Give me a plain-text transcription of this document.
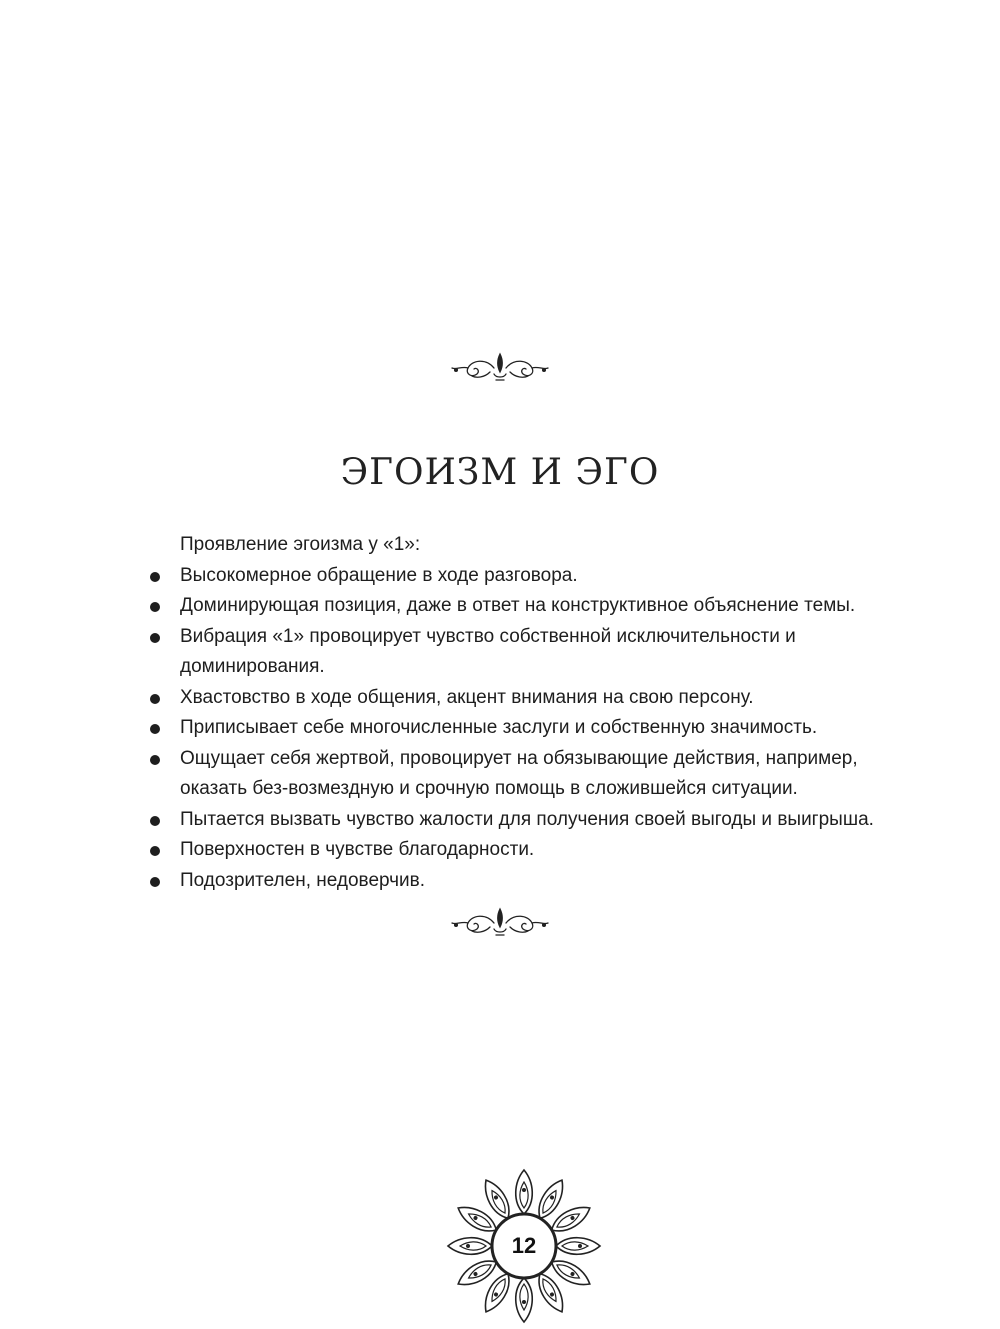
ЭГОИЗМ И ЭГО

Проявление эгоизма у «1»:

Высокомерное обращение в ходе разговора.
Доминирующая позиция, даже в ответ на конструктивное объяснение темы.
Вибрация «1» провоцирует чувство собственной исключительности и доминирования.
Хвастовство в ходе общения, акцент внимания на свою персону.
Приписывает себе многочисленные заслуги и собственную значимость.
Ощущает себя жертвой, провоцирует на обязывающие действия, например, оказать без-возмездную и срочную помощь в сложившейся ситуации.
Пытается вызвать чувство жалости для получения своей выгоды и выигрыша.
Поверхностен в чувстве благодарности.
Подозрителен, недоверчив.
12
